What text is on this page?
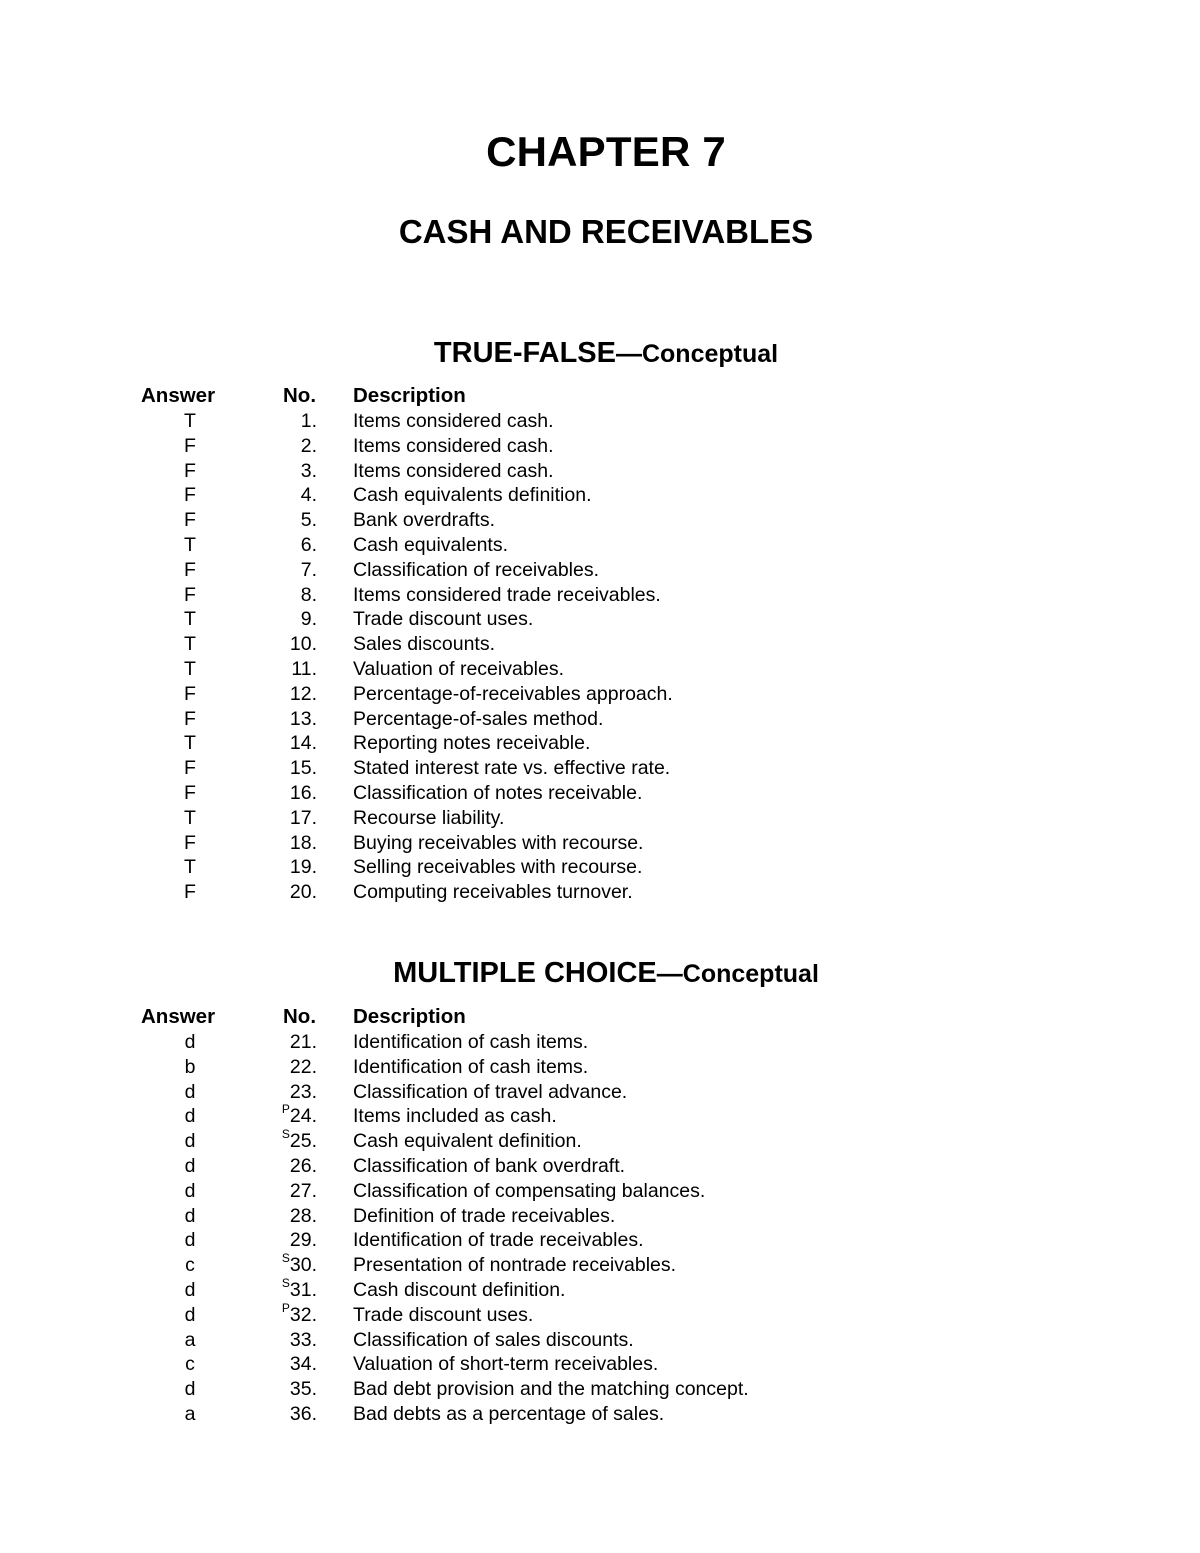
CHAPTER 7
CASH AND RECEIVABLES
TRUE-FALSE—Conceptual
Answer	No. Description
T	1. Items considered cash.
F	2. Items considered cash.
F	3. Items considered cash.
F	4. Cash equivalents definition.
F	5. Bank overdrafts.
T	6. Cash equivalents.
F	7. Classification of receivables.
F	8. Items considered trade receivables.
T	9. Trade discount uses.
T	10. Sales discounts.
T	11. Valuation of receivables.
F	12. Percentage-of-receivables approach.
F	13. Percentage-of-sales method.
T	14. Reporting notes receivable.
F	15. Stated interest rate vs. effective rate.
F	16. Classification of notes receivable.
T	17. Recourse liability.
F	18. Buying receivables with recourse.
T	19. Selling receivables with recourse.
F	20. Computing receivables turnover.
MULTIPLE CHOICE—Conceptual
Answer	No. Description
d	21. Identification of cash items.
b	22. Identification of cash items.
d	23. Classification of travel advance.
d	$^P$24. Items included as cash.
d	$^S$25. Cash equivalent definition.
d	26. Classification of bank overdraft.
d	27. Classification of compensating balances.
d	28. Definition of trade receivables.
d	29. Identification of trade receivables.
c	$^S$30. Presentation of nontrade receivables.
d	$^S$31. Cash discount definition.
d	$^P$32. Trade discount uses.
a	33. Classification of sales discounts.
c	34. Valuation of short-term receivables.
d	35. Bad debt provision and the matching concept.
a	36. Bad debts as a percentage of sales.
